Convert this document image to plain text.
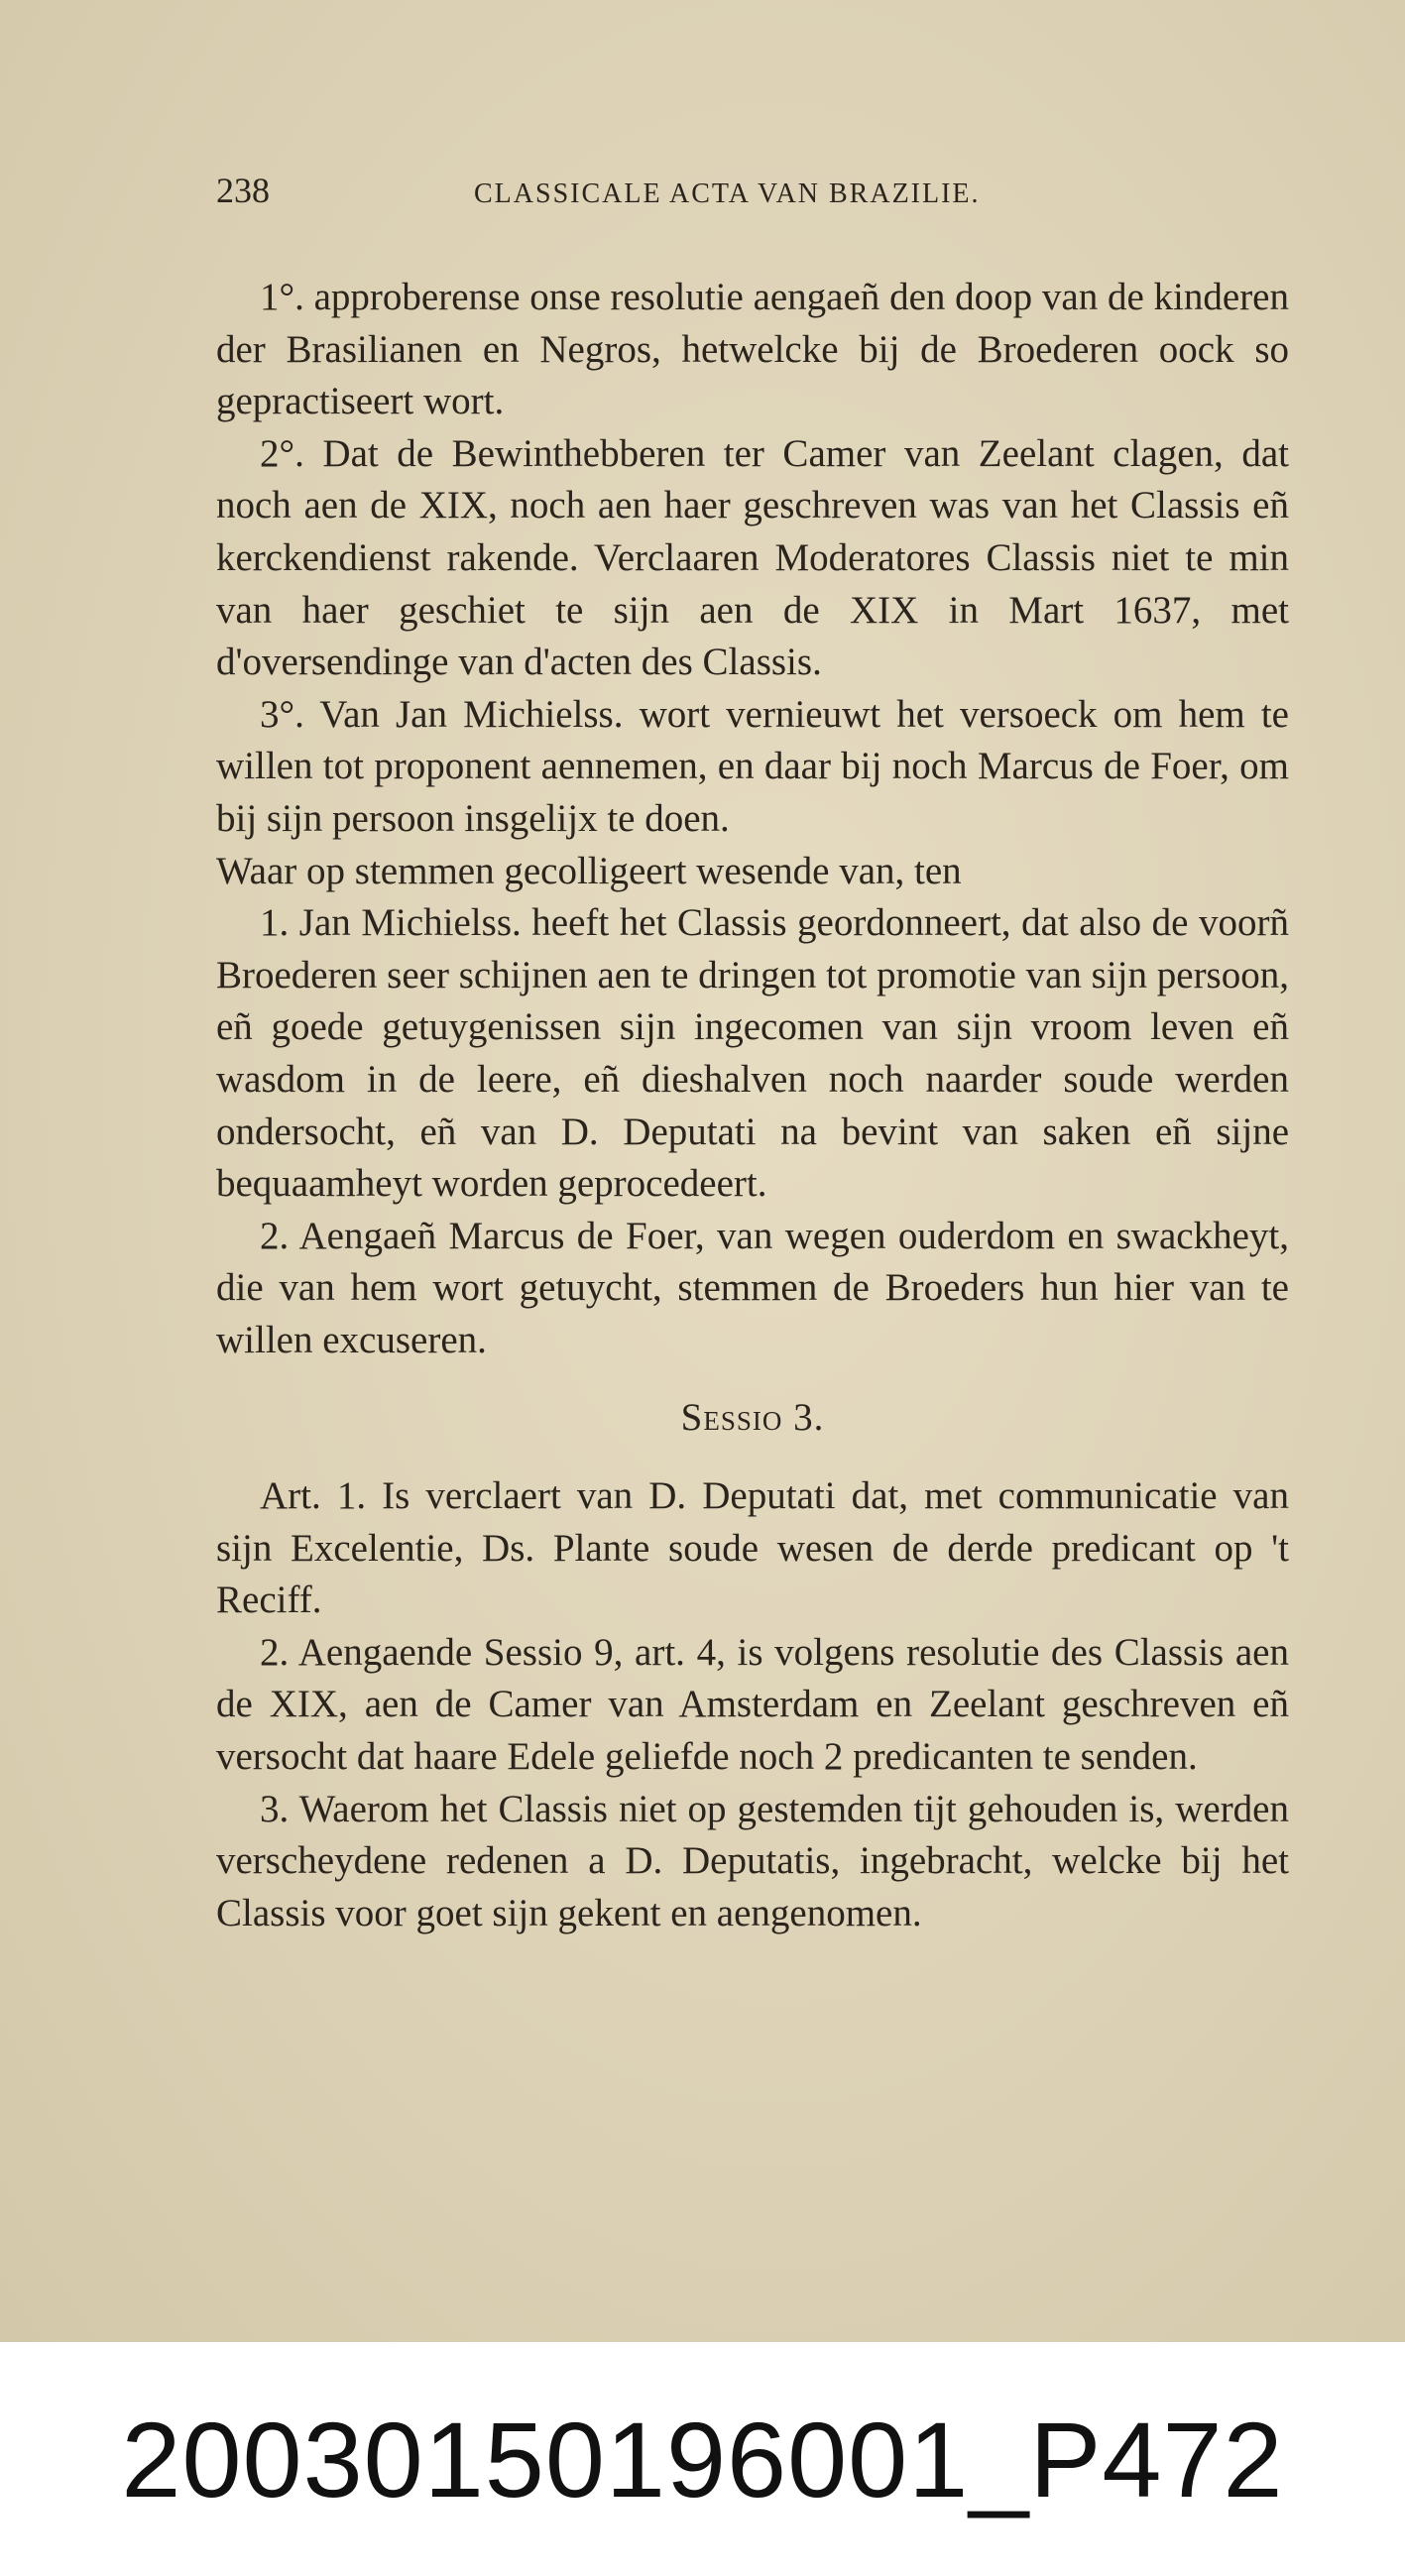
238	CLASSICALE ACTA VAN BRAZILIE.

1°. approberense onse resolutie aengaeñ den doop van de kinderen der Brasilianen en Negros, hetwelcke bij de Broederen oock so gepractiseert wort.

2°. Dat de Bewinthebberen ter Camer van Zeelant clagen, dat noch aen de XIX, noch aen haer geschreven was van het Classis eñ kerckendienst rakende. Verclaaren Moderatores Classis niet te min van haer geschiet te sijn aen de XIX in Mart 1637, met d'oversendinge van d'acten des Classis.

3°. Van Jan Michielss. wort vernieuwt het versoeck om hem te willen tot proponent aennemen, en daar bij noch Marcus de Foer, om bij sijn persoon insgelijx te doen.

Waar op stemmen gecolligeert wesende van, ten

1. Jan Michielss. heeft het Classis geordonneert, dat also de voorñ Broederen seer schijnen aen te dringen tot promotie van sijn persoon, eñ goede getuygenissen sijn ingecomen van sijn vroom leven eñ wasdom in de leere, eñ dieshalven noch naarder soude werden ondersocht, eñ van D. Deputati na bevint van saken eñ sijne bequaamheyt worden geprocedeert.

2. Aengaeñ Marcus de Foer, van wegen ouderdom en swackheyt, die van hem wort getuycht, stemmen de Broeders hun hier van te willen excuseren.

Sessio 3.

Art. 1. Is verclaert van D. Deputati dat, met communicatie van sijn Excelentie, Ds. Plante soude wesen de derde predicant op 't Reciff.

2. Aengaende Sessio 9, art. 4, is volgens resolutie des Classis aen de XIX, aen de Camer van Amsterdam en Zeelant geschreven eñ versocht dat haare Edele geliefde noch 2 predicanten te senden.

3. Waerom het Classis niet op gestemden tijt gehouden is, werden verscheydene redenen a D. Deputatis, ingebracht, welcke bij het Classis voor goet sijn gekent en aengenomen.

20030150196001_P472
